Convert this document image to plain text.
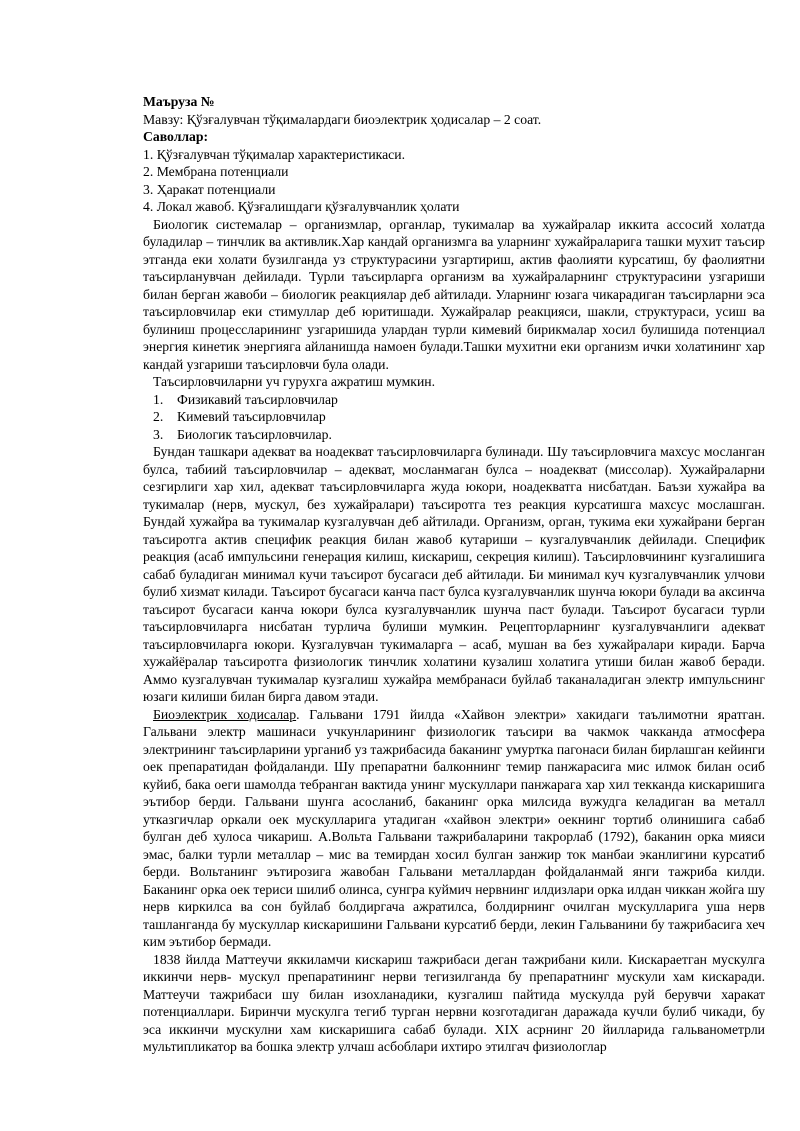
Маъруза №
Мавзу: Қўзғалувчан тўқималардаги биоэлектрик ҳодисалар – 2 соат.
Саволлар:
1. Қўзғалувчан тўқималар характеристикаси.
2. Мембрана потенциали
3. Ҳаракат потенциали
4. Локал жавоб. Қўзғалишдаги қўзғалувчанлик ҳолати

Биологик системалар – организмлар, органлар, тукималар ва хужайралар иккита ассосий холатда буладилар – тинчлик ва активлик.Хар кандай организмга ва уларнинг хужайраларига ташки мухит таъсир этганда еки холати бузилганда уз структурасини узгартириш, актив фаолияти курсатиш, бу фаолиятни таъсирланувчан дейилади. Турли таъсирларга организм ва хужайраларнинг структурасини узгариши билан берган жавоби – биологик реакциялар деб айтилади. Уларнинг юзага чикарадиган таъсирларни эса таъсирловчилар еки стимуллар деб юритишади. Хужайралар реакцияси, шакли, структураси, усиш ва булиниш процессларининг узгаришида улардан турли кимевий бирикмалар хосил булишида потенциал энергия кинетик энергияга айланишда намоен булади.Ташки мухитни еки организм ички холатининг хар кандай узгариши таъсирловчи була олади.

Таъсирловчиларни уч гурухга ажратиш мумкин.

1. Физикавий таъсирловчилар
2. Кимевий таъсирловчилар
3. Биологик таъсирловчилар.

Бундан ташкари адекват ва ноадекват таъсирловчиларга булинади. Шу таъсирловчига махсус мосланган булса, табиий таъсирловчилар – адекват, мосланмаган булса – ноадекват (миссолар). Хужайраларни сезгирлиги хар хил, адекват таъсирловчиларга жуда юкори, ноадекватга нисбатдан. Баъзи хужайра ва тукималар (нерв, мускул, без хужайралари) таъсиротга тез реакция курсатишга махсус мослашган. Бундай хужайра ва тукималар кузгалувчан деб айтилади. Организм, орган, тукима еки хужайрани берган таъсиротга актив специфик реакция билан жавоб кутариши – кузгалувчанлик дейилади. Специфик реакция (асаб импульсини генерация килиш, кискариш, секреция килиш). Таъсирловчининг кузгалишига сабаб буладиган минимал кучи таъсирот бусагаси деб айтилади. Би минимал куч кузгалувчанлик улчови булиб хизмат килади. Таъсирот бусагаси канча паст булса кузгалувчанлик шунча юкори булади ва аксинча таъсирот бусагаси канча юкори булса кузгалувчанлик шунча паст булади. Таъсирот бусагаси турли таъсирловчиларга нисбатан турлича булиши мумкин. Рецепторларнинг кузгалувчанлиги адекват таъсирловчиларга юкори. Кузгалувчан тукималарга – асаб, мушан ва без хужайралари киради. Барча хужайёралар таъсиротга физиологик тинчлик холатини кузалиш холатига утиши билан жавоб беради. Аммо кузгалувчан тукималар кузгалиш хужайра мембранаси буйлаб таканаладиган электр импульснинг юзаги килиши билан бирга давом этади.

Биоэлектрик ходисалар. Гальвани 1791 йилда «Хайвон электри» хакидаги таълимотни яратган. Гальвани электр машинаси учкунларининг физиологик таъсири ва чакмок чакканда атмосфера электрининг таъсирларини урганиб уз тажрибасида баканинг умуртка пагонаси билан бирлашган кейинги оек препаратидан фойдаланди. Шу препаратни балконнинг темир панжарасига мис илмок билан осиб куйиб, бака оеги шамолда тебранган вактида унинг мускуллари панжарага хар хил текканда кискаришига эътибор берди. Гальвани шунга асосланиб, баканинг орка милсида вужудга келадиган ва металл утказгичлар оркали оек мускулларига утадиган «хайвон электри» оекнинг тортиб олинишига сабаб булган деб хулоса чикариш. А.Вольта Гальвани тажрибаларини такрорлаб (1792), баканин орка мияси эмас, балки турли металлар – мис ва темирдан хосил булган занжир ток манбаи эканлигини курсатиб берди. Вольтанинг эътирозига жавобан Гальвани металлардан фойдаланмай янги тажриба килди. Баканинг орка оек териси шилиб олинса, сунгра куймич нервнинг илдизлари орка илдан чиккан жойга шу нерв киркилса ва сон буйлаб болдиргача ажратилса, болдирнинг очилган мускулларига уша нерв ташланганда бу мускуллар кискаришини Гальвани курсатиб берди, лекин Гальванини бу тажрибасига хеч ким эътибор бермади.

1838 йилда Маттеучи яккиламчи кискариш тажрибаси деган тажрибани кили. Кискараетган мускулга иккинчи нерв- мускул препаратининг нерви тегизилганда бу препаратнинг мускули хам кискаради. Маттеучи тажрибаси шу билан изохланадики, кузгалиш пайтида мускулда руй берувчи харакат потенциаллари. Биринчи мускулга тегиб турган нервни козготадиган даражада кучли булиб чикади, бу эса иккинчи мускулни хам кискаришига сабаб булади. XIX асрнинг 20 йилларида гальванометрли мультипликатор ва бошка электр улчаш асбоблари ихтиро этилгач физиологлар
